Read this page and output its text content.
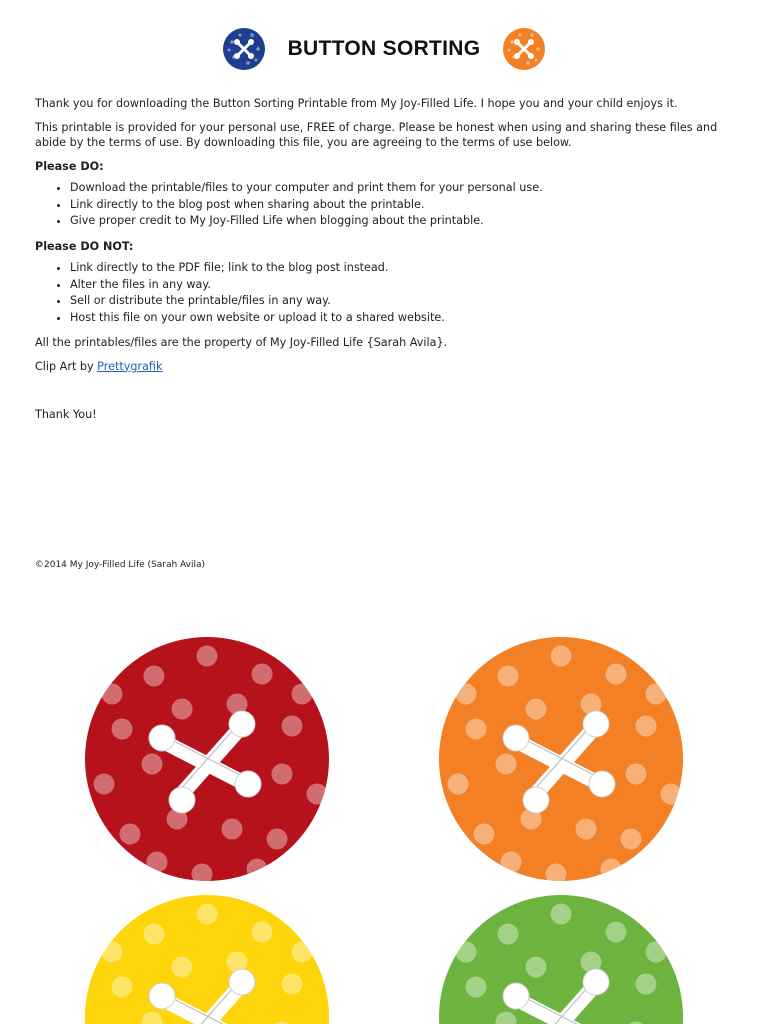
BUTTON SORTING

Thank you for downloading the Button Sorting Printable from My Joy-Filled Life. I hope you and your child enjoys it.

This printable is provided for your personal use, FREE of charge. Please be honest when using and sharing these files and abide by the terms of use. By downloading this file, you are agreeing to the terms of use below.

Please DO:
• Download the printable/files to your computer and print them for your personal use.
• Link directly to the blog post when sharing about the printable.
• Give proper credit to My Joy-Filled Life when blogging about the printable.
Please DO NOT:
• Link directly to the PDF file; link to the blog post instead.
• Alter the files in any way.
• Sell or distribute the printable/files in any way.
• Host this file on your own website or upload it to a shared website.

All the printables/files are the property of My Joy-Filled Life {Sarah Avila}.

Clip Art by Prettygrafik

Thank You!
©2014 My Joy-Filled Life (Sarah Avila)
